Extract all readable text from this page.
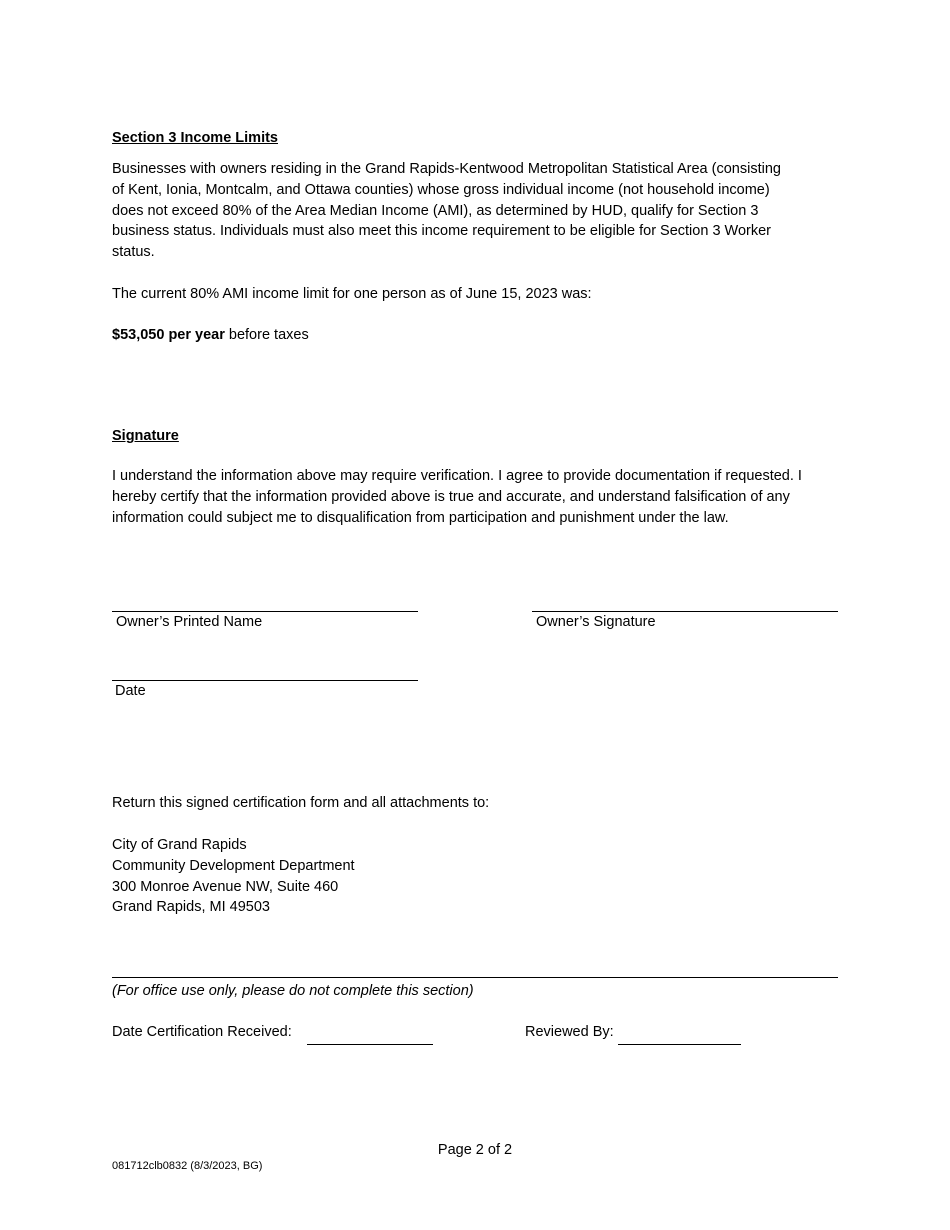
Section 3 Income Limits

Businesses with owners residing in the Grand Rapids-Kentwood Metropolitan Statistical Area (consisting of Kent, Ionia, Montcalm, and Ottawa counties) whose gross individual income (not household income) does not exceed 80% of the Area Median Income (AMI), as determined by HUD, qualify for Section 3 business status. Individuals must also meet this income requirement to be eligible for Section 3 Worker status.

The current 80% AMI income limit for one person as of June 15, 2023 was:

$53,050 per year before taxes

Signature

I understand the information above may require verification. I agree to provide documentation if requested. I hereby certify that the information provided above is true and accurate, and understand falsification of any information could subject me to disqualification from participation and punishment under the law.

Owner’s Printed Name	Owner’s Signature
Date

Return this signed certification form and all attachments to:

City of Grand Rapids
Community Development Department
300 Monroe Avenue NW, Suite 460
Grand Rapids, MI 49503

(For office use only, please do not complete this section)

Date Certification Received:	Reviewed By:
Page 2 of 2
081712clb0832 (8/3/2023, BG)
